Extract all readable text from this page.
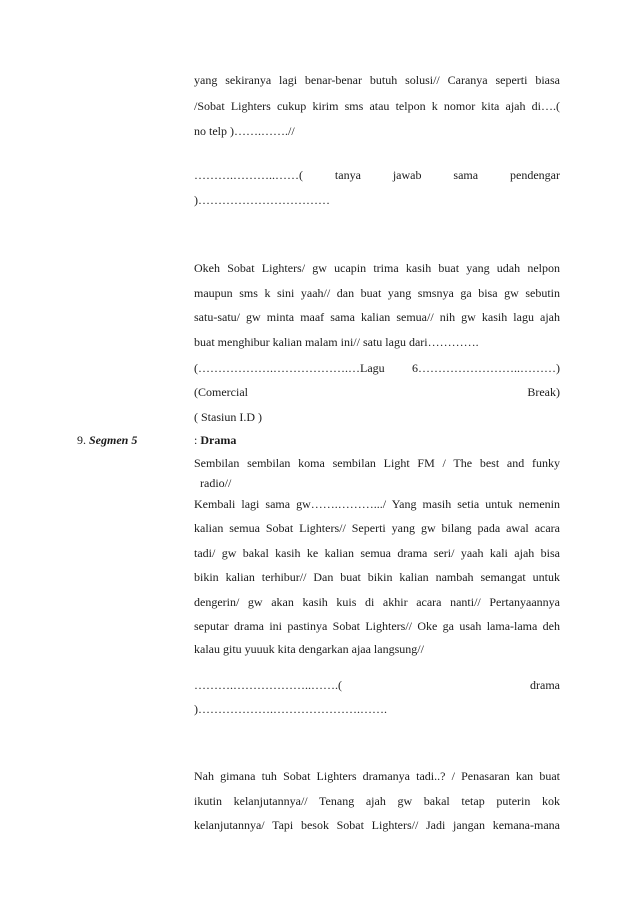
yang sekiranya lagi benar-benar butuh solusi// Caranya seperti biasa
/Sobat Lighters cukup kirim sms atau telpon k nomor kita ajah di….(
no telp )…….…….//
……….………..……(	tanya	jawab	sama	pendengar
)……………………………
Okeh Sobat Lighters/ gw ucapin trima kasih buat yang udah nelpon
maupun sms k sini yaah// dan buat yang smsnya ga bisa gw sebutin
satu-satu/ gw minta maaf sama kalian semua// nih gw kasih lagu ajah
buat menghibur kalian malam ini// satu lagu dari………….
(……………….……………….…Lagu 6……………………..………)
(Comercial	Break)
( Stasiun I.D )
9. Segmen 5	: Drama
Sembilan sembilan koma sembilan Light FM / The best and funky
radio//
Kembali lagi sama gw…….……….../ Yang masih setia untuk nemenin
kalian semua Sobat Lighters// Seperti yang gw bilang pada awal acara
tadi/ gw bakal kasih ke kalian semua drama seri/ yaah kali ajah bisa
bikin kalian terhibur// Dan buat bikin kalian nambah semangat untuk
dengerin/ gw akan kasih kuis di akhir acara nanti// Pertanyaannya
seputar drama ini pastinya Sobat Lighters// Oke ga usah lama-lama deh
kalau gitu yuuuk kita dengarkan ajaa langsung//
……….………………..…….(	drama
)……………….………………….…….
Nah gimana tuh Sobat Lighters dramanya tadi..? / Penasaran kan buat
ikutin kelanjutannya// Tenang ajah gw bakal tetap puterin kok
kelanjutannya/ Tapi besok Sobat Lighters// Jadi jangan kemana-mana
